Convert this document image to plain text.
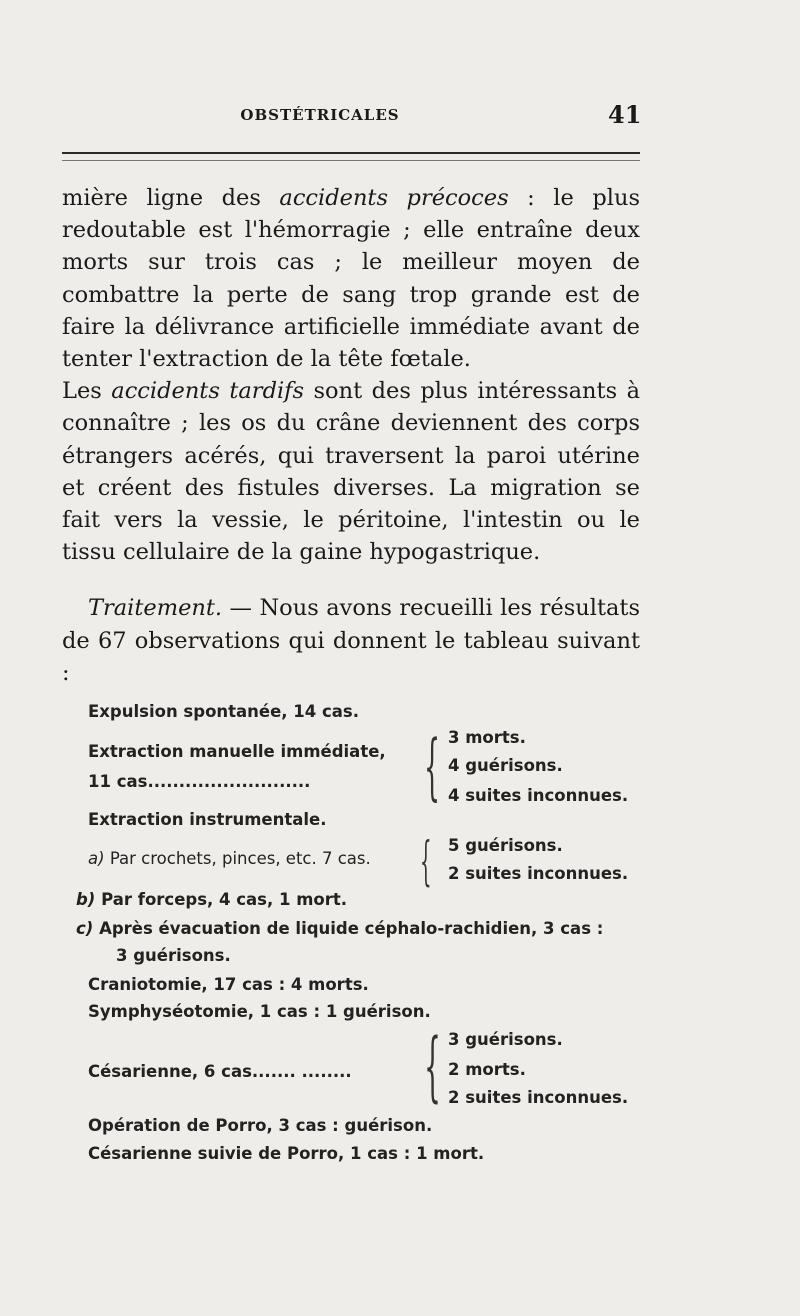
OBSTÉTRICALES	41

mière ligne des accidents précoces : le plus redoutable est l'hémorragie ; elle entraîne deux morts sur trois cas ; le meilleur moyen de combattre la perte de sang trop grande est de faire la délivrance artificielle immédiate avant de tenter l'extraction de la tête fœtale.

Les accidents tardifs sont des plus intéressants à connaître ; les os du crâne deviennent des corps étrangers acérés, qui traversent la paroi utérine et créent des fistules diverses. La migration se fait vers la vessie, le péritoine, l'intestin ou le tissu cellulaire de la gaine hypogastrique.

Traitement. — Nous avons recueilli les résultats de 67 observations qui donnent le tableau suivant :

Expulsion spontanée, 14 cas.
Extraction manuelle immédiate,
11 cas.......................... { 3 morts.
4 guérisons.
4 suites inconnues.
Extraction instrumentale.
a) Par crochets, pinces, etc. 7 cas. { 5 guérisons.
2 suites inconnues.
b) Par forceps, 4 cas, 1 mort.
c) Après évacuation de liquide céphalo-rachidien, 3 cas :
3 guérisons.
Craniotomie, 17 cas : 4 morts.
Symphyséotomie, 1 cas : 1 guérison.
Césarienne, 6 cas....... ........ { 3 guérisons.
2 morts.
2 suites inconnues.
Opération de Porro, 3 cas : guérison.
Césarienne suivie de Porro, 1 cas : 1 mort.
